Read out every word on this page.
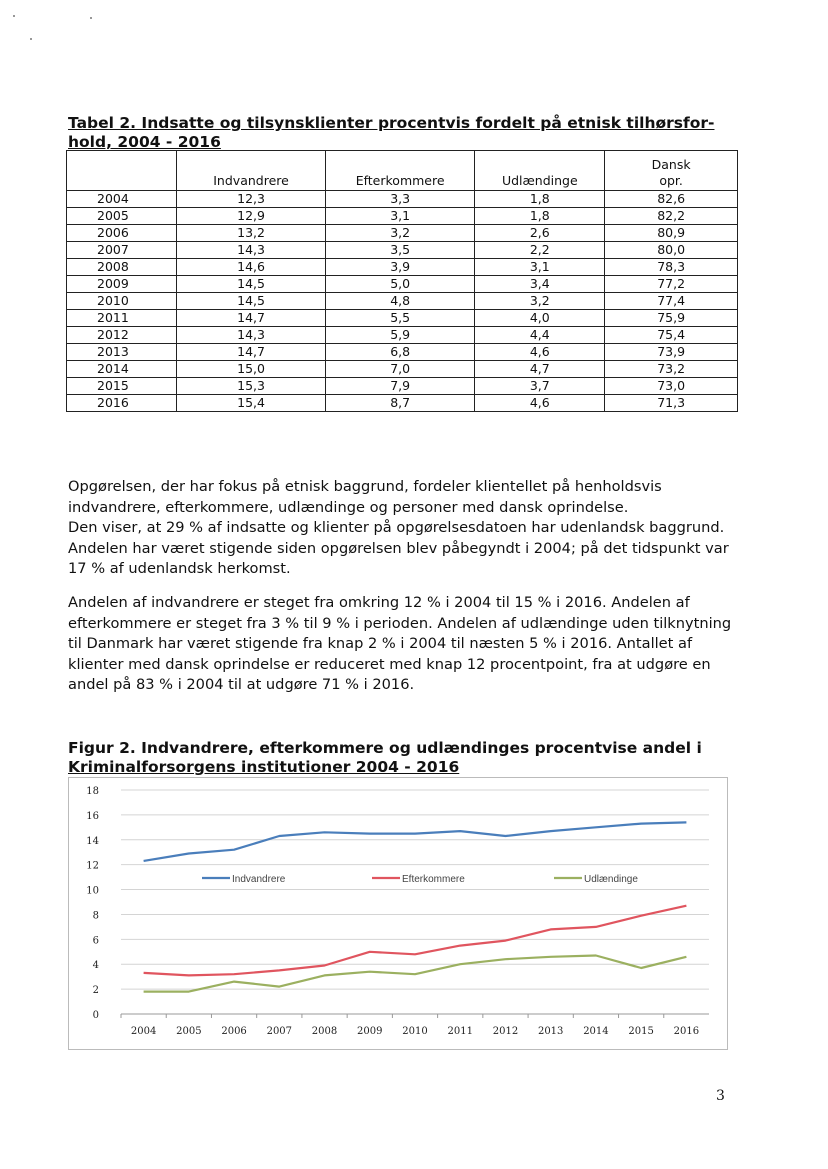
Tabel 2. Indsatte og tilsynsklienter procentvis fordelt på etnisk tilhørsfor-hold, 2004 - 2016
	Indvandrere	Efterkommere	Udlændinge	Dansk opr.
2004	12,3	3,3	1,8	82,6
2005	12,9	3,1	1,8	82,2
2006	13,2	3,2	2,6	80,9
2007	14,3	3,5	2,2	80,0
2008	14,6	3,9	3,1	78,3
2009	14,5	5,0	3,4	77,2
2010	14,5	4,8	3,2	77,4
2011	14,7	5,5	4,0	75,9
2012	14,3	5,9	4,4	75,4
2013	14,7	6,8	4,6	73,9
2014	15,0	7,0	4,7	73,2
2015	15,3	7,9	3,7	73,0
2016	15,4	8,7	4,6	71,3
Opgørelsen, der har fokus på etnisk baggrund, fordeler klientellet på henholdsvis indvandrere, efterkommere, udlændinge og personer med dansk oprindelse.
Den viser, at 29 % af indsatte og klienter på opgørelsesdatoen har udenlandsk baggrund. Andelen har været stigende siden opgørelsen blev påbegyndt i 2004; på det tidspunkt var 17 % af udenlandsk herkomst.
Andelen af indvandrere er steget fra omkring 12 % i 2004 til 15 % i 2016. Andelen af efterkommere er steget fra 3 % til 9 % i perioden. Andelen af udlændinge uden tilknytning til Danmark har været stigende fra knap 2 % i 2004 til næsten 5 % i 2016. Antallet af klienter med dansk oprindelse er reduceret med knap 12 procentpoint, fra at udgøre en andel på 83 % i 2004 til at udgøre 71 % i 2016.
Figur 2. Indvandrere, efterkommere og udlændinges procentvise andel i
Kriminalforsorgens institutioner 2004 - 2016
0
2
4
6
8
10
12
14
16
18
2004 2005 2006 2007 2008 2009 2010 2011 2012 2013 2014 2015 2016
Indvandrere	Efterkommere	Udlændinge
3
